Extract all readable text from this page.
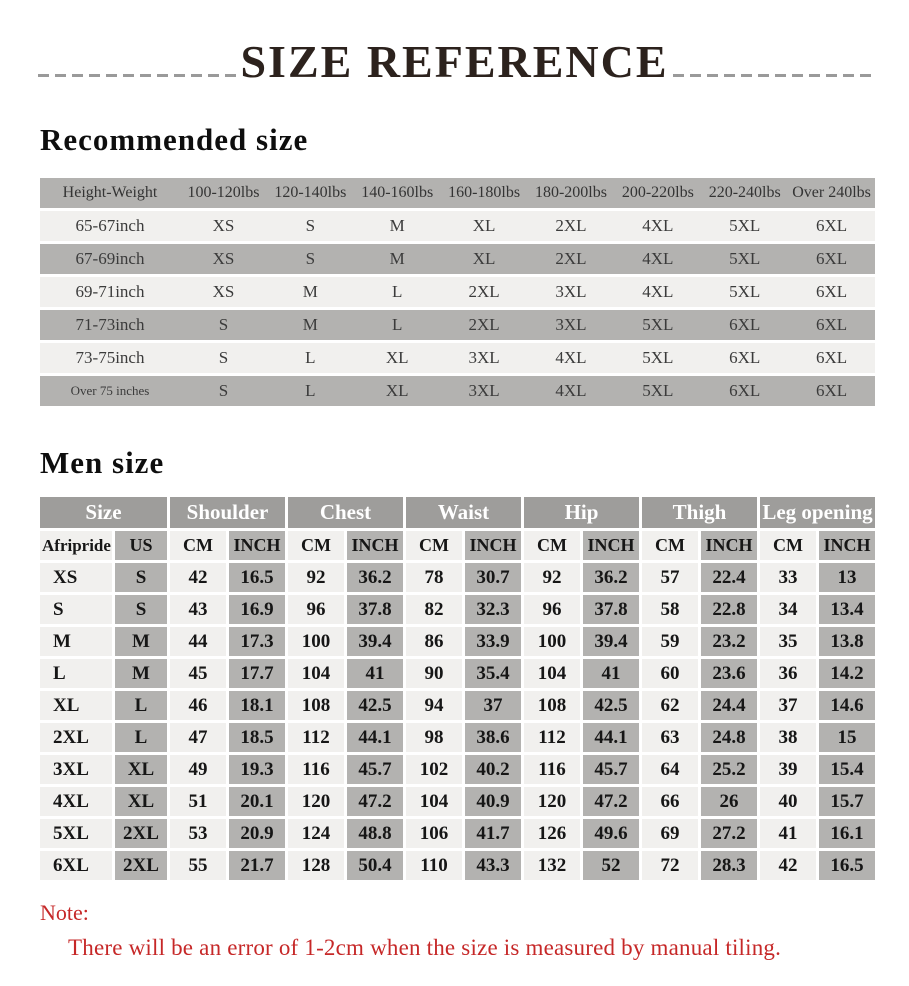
SIZE REFERENCE
Recommended size
Height-Weight	100-120lbs	120-140lbs	140-160lbs	160-180lbs	180-200lbs	200-220lbs	220-240lbs	Over 240lbs
65-67inch	XS	S	M	XL	2XL	4XL	5XL	6XL
67-69inch	XS	S	M	XL	2XL	4XL	5XL	6XL
69-71inch	XS	M	L	2XL	3XL	4XL	5XL	6XL
71-73inch	S	M	L	2XL	3XL	5XL	6XL	6XL
73-75inch	S	L	XL	3XL	4XL	5XL	6XL	6XL
Over 75 inches	S	L	XL	3XL	4XL	5XL	6XL	6XL
Men size
Size		Shoulder		Chest		Waist		Hip		Thigh		Leg opening	
Afripride	US	CM	INCH	CM	INCH	CM	INCH	CM	INCH	CM	INCH	CM	INCH
XS	S	42	16.5	92	36.2	78	30.7	92	36.2	57	22.4	33	13
S	S	43	16.9	96	37.8	82	32.3	96	37.8	58	22.8	34	13.4
M	M	44	17.3	100	39.4	86	33.9	100	39.4	59	23.2	35	13.8
L	M	45	17.7	104	41	90	35.4	104	41	60	23.6	36	14.2
XL	L	46	18.1	108	42.5	94	37	108	42.5	62	24.4	37	14.6
2XL	L	47	18.5	112	44.1	98	38.6	112	44.1	63	24.8	38	15
3XL	XL	49	19.3	116	45.7	102	40.2	116	45.7	64	25.2	39	15.4
4XL	XL	51	20.1	120	47.2	104	40.9	120	47.2	66	26	40	15.7
5XL	2XL	53	20.9	124	48.8	106	41.7	126	49.6	69	27.2	41	16.1
6XL	2XL	55	21.7	128	50.4	110	43.3	132	52	72	28.3	42	16.5
Note:
There will be an error of 1-2cm when the size is measured by manual tiling.
